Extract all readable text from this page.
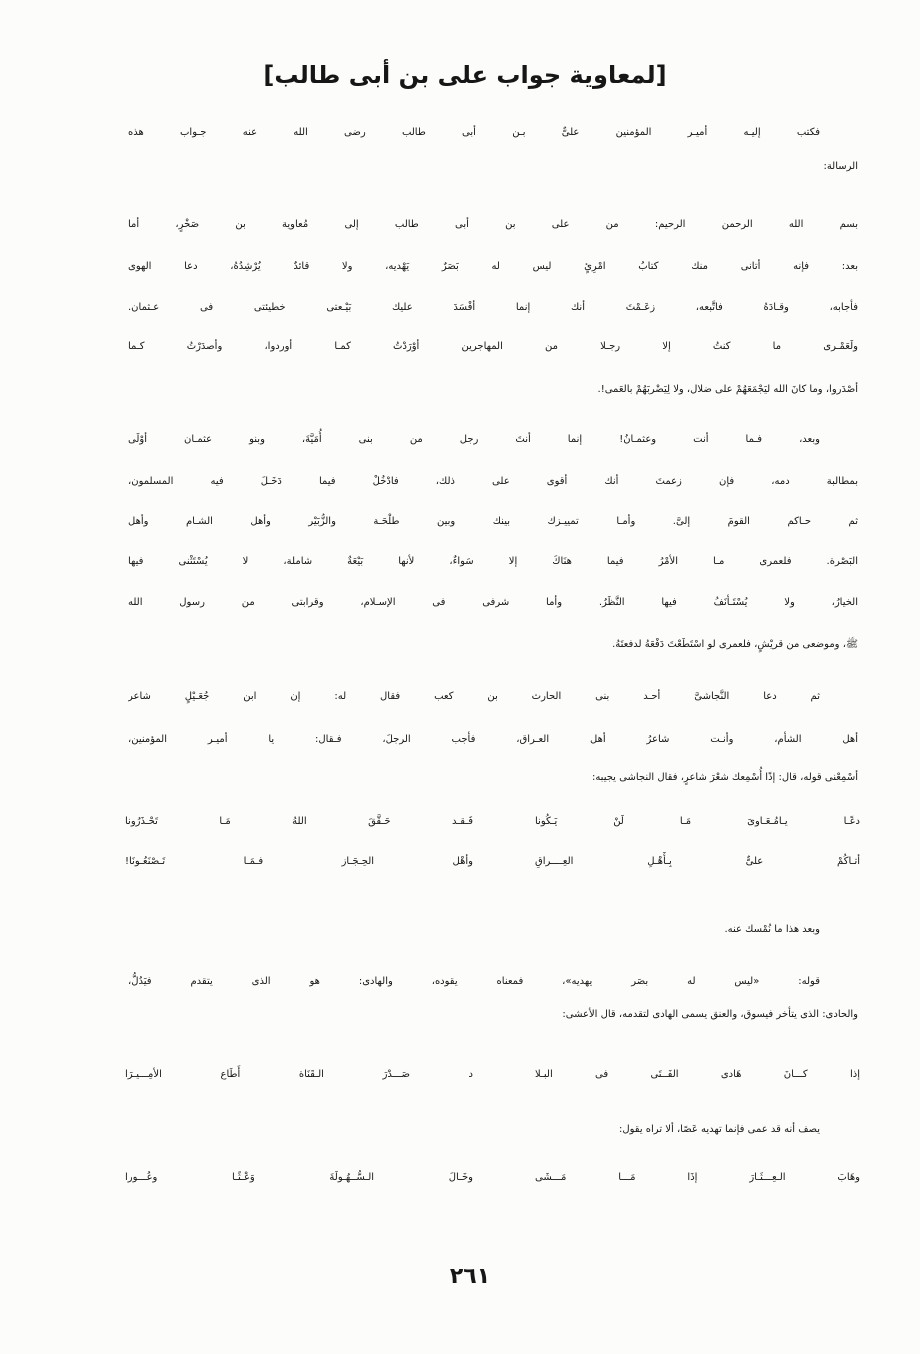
[لمعاوية جواب على بن أبى طالب]
فكتب إليـه أميـر المؤمنين علىٌّ بـن أبى طالب رضى الله عنه جـواب هذه
الرسالة:
بسم الله الرحمن الرحيم: من على بن أبى طالب إلى مُعاوية بن صَخْرٍ، أما
بعد: فإنه أتانى منك كتابُ امْرِئٍ ليس له بَصَرٌ يَهْديه، ولا قائدٌ يُرْشِدُهُ، دعا الهوى
فأجابه، وقـادَهُ فاتَّبعه، زعَـمْتَ أنك إنما أفْسَدَ عليك بَيْـعتى خطيئتى فى عـثمان.
ولَعَمْـرى ما كنتُ إلا رجـلا من المهاجرين أوْرَدْتُ كمـا أوردوا، وأصدَرْتُ كـما
أصْدَروا، وما كانَ الله ليَجْمَعَهُمْ على ضلال، ولا لِيَضْربَهُمْ بالعَمى!.
وبعد، فـما أنت وعثمـانُ! إنما أنتَ رجل من بنى أُمَيَّةَ، وبنو عثمـان أوْلَى
بمطالبة دمه، فإن زعمتَ أنك أقوى على ذلك، فادْخُلْ فيما دَخَـلَ فيه المسلمون،
ثم حـاكم القومَ إلىَّ. وأمـا تمييـزك بينك وبين طلْحَـة والزُّبَيْر وأهل الشـام وأهل
البَصْرة. فلعمرى مـا الأمْرُ فيما هنَاكَ إلا سَواءٌ، لأنها بَيْعَةٌ شاملة، لا يُسْتَثْنى فيها
الخيارُ، ولا يُسْتَـأنَفُ فيها النَّظَرُ. وأما شرفى فى الإسـلام، وقرابتى من رسول الله
ﷺ، وموضعى من قريْشٍ، فلعمرى لو اسْتَطَعْتَ دَفْعَهُ لدفعتَهُ.
ثم دعا النَّجاشىَّ أحـد بنى الحارث بن كعب فقال له: إن ابن جُعَـيْلٍ شاعر
أهل الشأم، وأنـت شاعرُ أهل العـراق، فأجب الرجلَ، فـقال: يا أميـر المؤمنين،
أسْمِعْنى قوله، قال: إذًا أُسْمِعك شعْرَ شاعرٍ، فقال النجاشى يجيبه:
دعًـا يـامُـعَـاوىَ مَـا لَنْ يَـكُونا
فَـقـد حَـقَّقَ اللهُ مَـا تَحْـذَرُونا
أتـاكُمْ علىٌّ بِـأَهْـلِ العِــــراقِ
وأهْل الحِـجَـاز فـمَـا تَـصْنَعُـونَا!
وبعد هذا ما نُمْسك عنه.
قوله: «ليس له بصَر يهديه»، فمعناه يقوده، والهادى: هو الذى يتقدم فيَدُلُّ،
والحادى: الذى يتأخر فيسوق، والعنق يسمى الهادى لتقدمه، قال الأعشى:
إذا كـــانَ هَادى الفَــتَى فى البـلا
د صَـــدْرَ الـقَنَاة أَطَاع الأمِـــيـرَا
يصف أنه قد عمى فإنما تهديه عَصًا، ألا تراه يقول:
وهَابَ الـعِـــثَـارَ إذَا مَـــا مَـــشَى
وخَـالَ الـسُّــهُـولَةَ وَعْـثًـا وعُـــورا
٢٦١
